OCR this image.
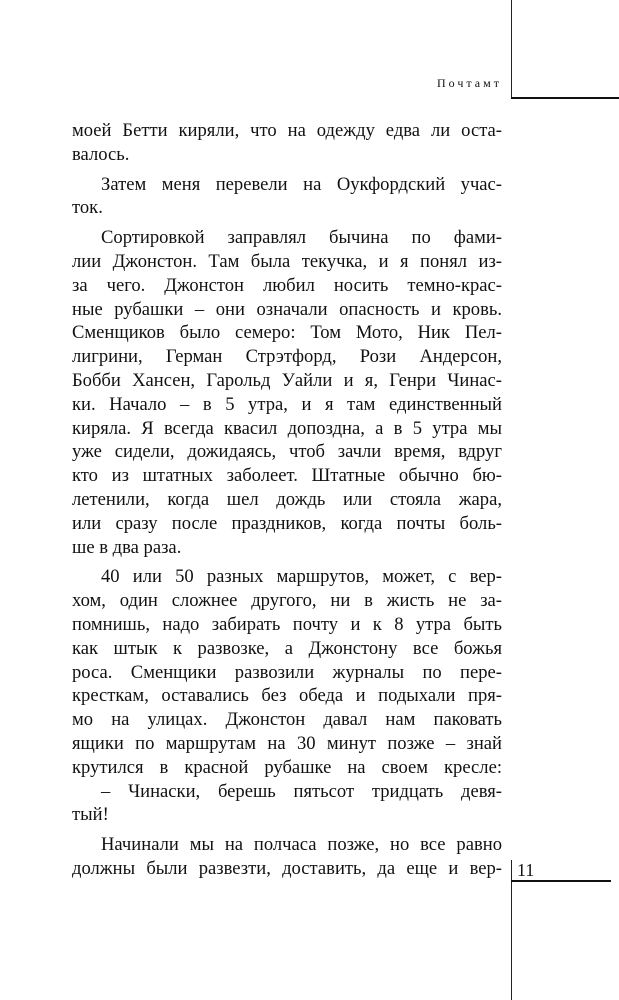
Почтамт
моей Бетти киряли, что на одежду едва ли оста-
валось.
Затем меня перевели на Оукфордский учас-
ток.
Сортировкой заправлял бычина по фами-
лии Джонстон. Там была текучка, и я понял из-
за чего. Джонстон любил носить темно-крас-
ные рубашки – они означали опасность и кровь.
Сменщиков было семеро: Том Мото, Ник Пел-
лигрини, Герман Стрэтфорд, Рози Андерсон,
Бобби Хансен, Гарольд Уайли и я, Генри Чинас-
ки. Начало – в 5 утра, и я там единственный
киряла. Я всегда квасил допоздна, а в 5 утра мы
уже сидели, дожидаясь, чтоб зачли время, вдруг
кто из штатных заболеет. Штатные обычно бю-
летенили, когда шел дождь или стояла жара,
или сразу после праздников, когда почты боль-
ше в два раза.
40 или 50 разных маршрутов, может, с вер-
хом, один сложнее другого, ни в жисть не за-
помнишь, надо забирать почту и к 8 утра быть
как штык к развозке, а Джонстону все божья
роса. Сменщики развозили журналы по пере-
кресткам, оставались без обеда и подыхали пря-
мо на улицах. Джонстон давал нам паковать
ящики по маршрутам на 30 минут позже – знай
крутился в красной рубашке на своем кресле:
– Чинаски, берешь пятьсот тридцать девя-
тый!
Начинали мы на полчаса позже, но все равно
должны были развезти, доставить, да еще и вер- 11
